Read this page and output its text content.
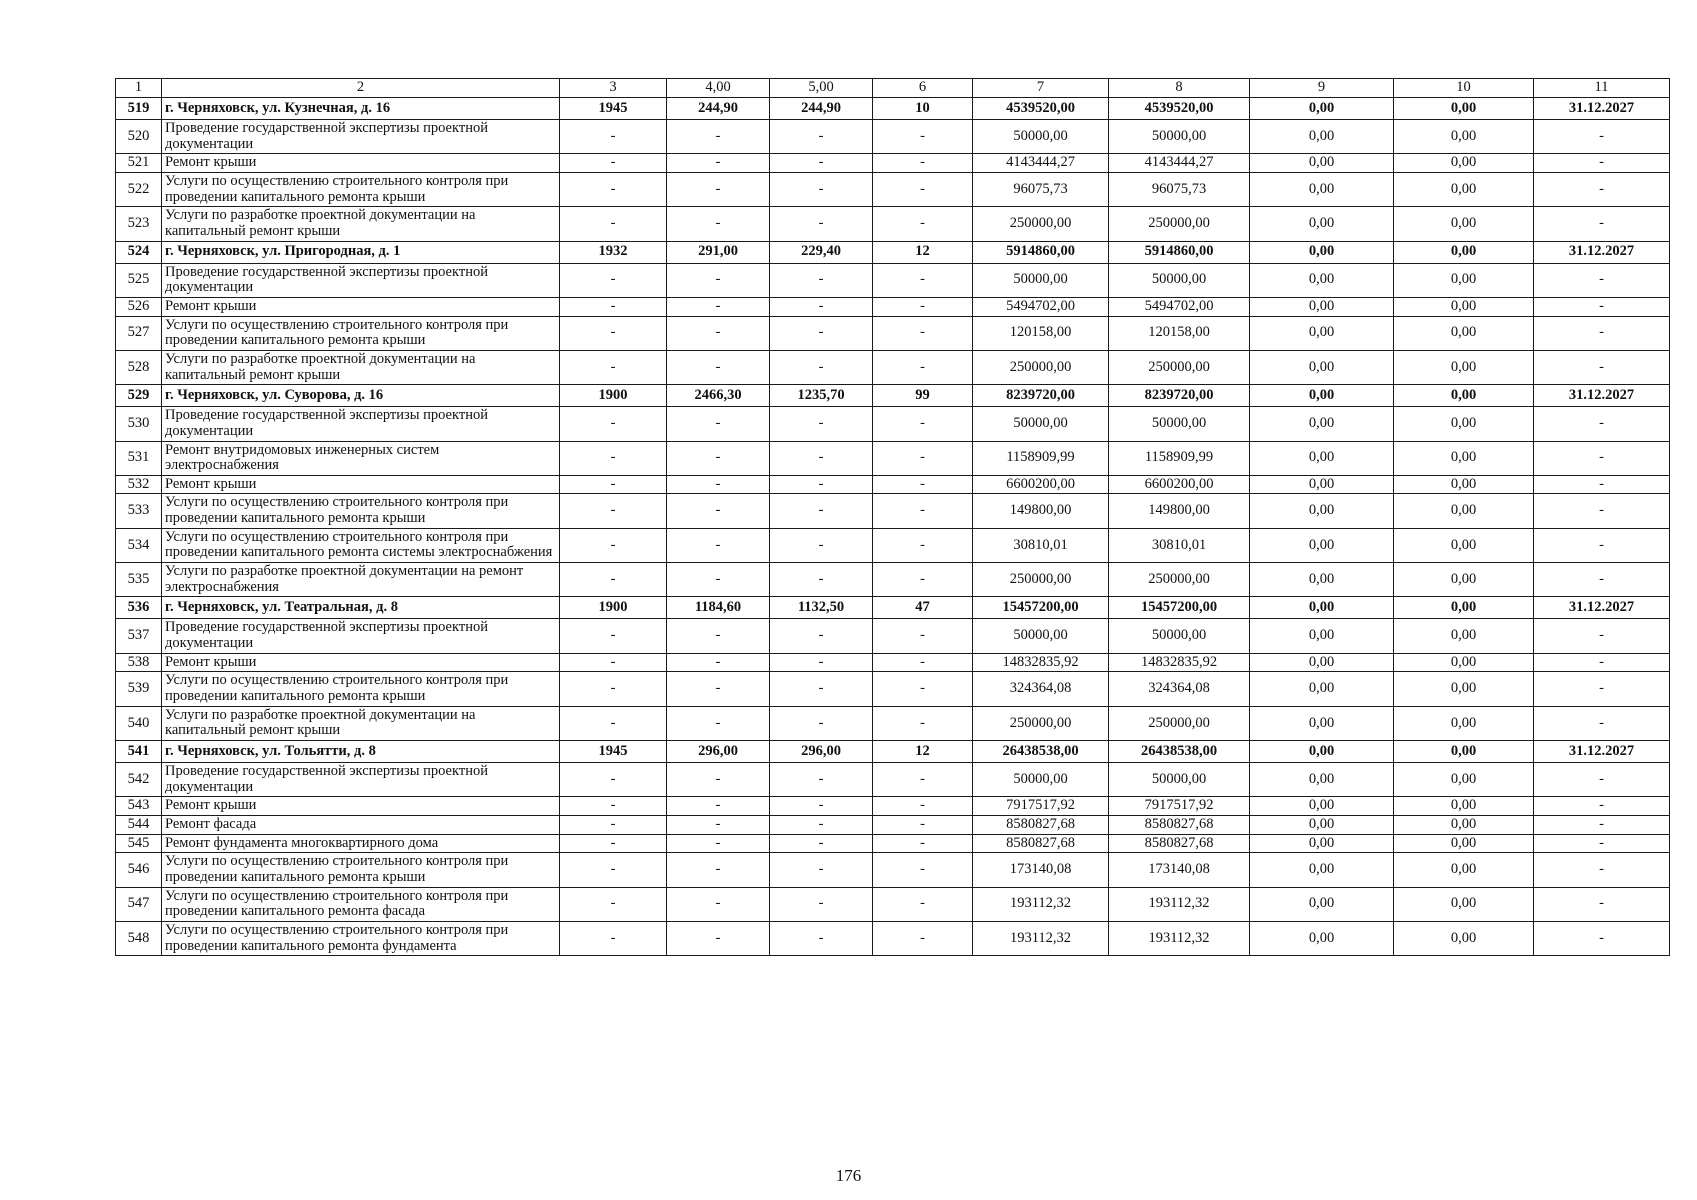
1	2	3	4,00	5,00	6	7	8	9	10	11
519	г. Черняховск, ул. Кузнечная, д. 16	1945	244,90	244,90	10	4539520,00	4539520,00	0,00	0,00	31.12.2027
520	Проведение государственной экспертизы проектной документации	-	-	-	-	50000,00	50000,00	0,00	0,00	-
521	Ремонт крыши	-	-	-	-	4143444,27	4143444,27	0,00	0,00	-
522	Услуги по осуществлению строительного контроля при проведении капитального ремонта крыши	-	-	-	-	96075,73	96075,73	0,00	0,00	-
523	Услуги по разработке проектной документации на капитальный ремонт крыши	-	-	-	-	250000,00	250000,00	0,00	0,00	-
524	г. Черняховск, ул. Пригородная, д. 1	1932	291,00	229,40	12	5914860,00	5914860,00	0,00	0,00	31.12.2027
525	Проведение государственной экспертизы проектной документации	-	-	-	-	50000,00	50000,00	0,00	0,00	-
526	Ремонт крыши	-	-	-	-	5494702,00	5494702,00	0,00	0,00	-
527	Услуги по осуществлению строительного контроля при проведении капитального ремонта крыши	-	-	-	-	120158,00	120158,00	0,00	0,00	-
528	Услуги по разработке проектной документации на капитальный ремонт крыши	-	-	-	-	250000,00	250000,00	0,00	0,00	-
529	г. Черняховск, ул. Суворова, д. 16	1900	2466,30	1235,70	99	8239720,00	8239720,00	0,00	0,00	31.12.2027
530	Проведение государственной экспертизы проектной документации	-	-	-	-	50000,00	50000,00	0,00	0,00	-
531	Ремонт внутридомовых инженерных систем электроснабжения	-	-	-	-	1158909,99	1158909,99	0,00	0,00	-
532	Ремонт крыши	-	-	-	-	6600200,00	6600200,00	0,00	0,00	-
533	Услуги по осуществлению строительного контроля при проведении капитального ремонта крыши	-	-	-	-	149800,00	149800,00	0,00	0,00	-
534	Услуги по осуществлению строительного контроля при проведении капитального ремонта системы электроснабжения	-	-	-	-	30810,01	30810,01	0,00	0,00	-
535	Услуги по разработке проектной документации на ремонт электроснабжения	-	-	-	-	250000,00	250000,00	0,00	0,00	-
536	г. Черняховск, ул. Театральная, д. 8	1900	1184,60	1132,50	47	15457200,00	15457200,00	0,00	0,00	31.12.2027
537	Проведение государственной экспертизы проектной документации	-	-	-	-	50000,00	50000,00	0,00	0,00	-
538	Ремонт крыши	-	-	-	-	14832835,92	14832835,92	0,00	0,00	-
539	Услуги по осуществлению строительного контроля при проведении капитального ремонта крыши	-	-	-	-	324364,08	324364,08	0,00	0,00	-
540	Услуги по разработке проектной документации на капитальный ремонт крыши	-	-	-	-	250000,00	250000,00	0,00	0,00	-
541	г. Черняховск, ул. Тольятти, д. 8	1945	296,00	296,00	12	26438538,00	26438538,00	0,00	0,00	31.12.2027
542	Проведение государственной экспертизы проектной документации	-	-	-	-	50000,00	50000,00	0,00	0,00	-
543	Ремонт крыши	-	-	-	-	7917517,92	7917517,92	0,00	0,00	-
544	Ремонт фасада	-	-	-	-	8580827,68	8580827,68	0,00	0,00	-
545	Ремонт фундамента многоквартирного дома	-	-	-	-	8580827,68	8580827,68	0,00	0,00	-
546	Услуги по осуществлению строительного контроля при проведении капитального ремонта крыши	-	-	-	-	173140,08	173140,08	0,00	0,00	-
547	Услуги по осуществлению строительного контроля при проведении капитального ремонта фасада	-	-	-	-	193112,32	193112,32	0,00	0,00	-
548	Услуги по осуществлению строительного контроля при проведении капитального ремонта фундамента	-	-	-	-	193112,32	193112,32	0,00	0,00	-
176
